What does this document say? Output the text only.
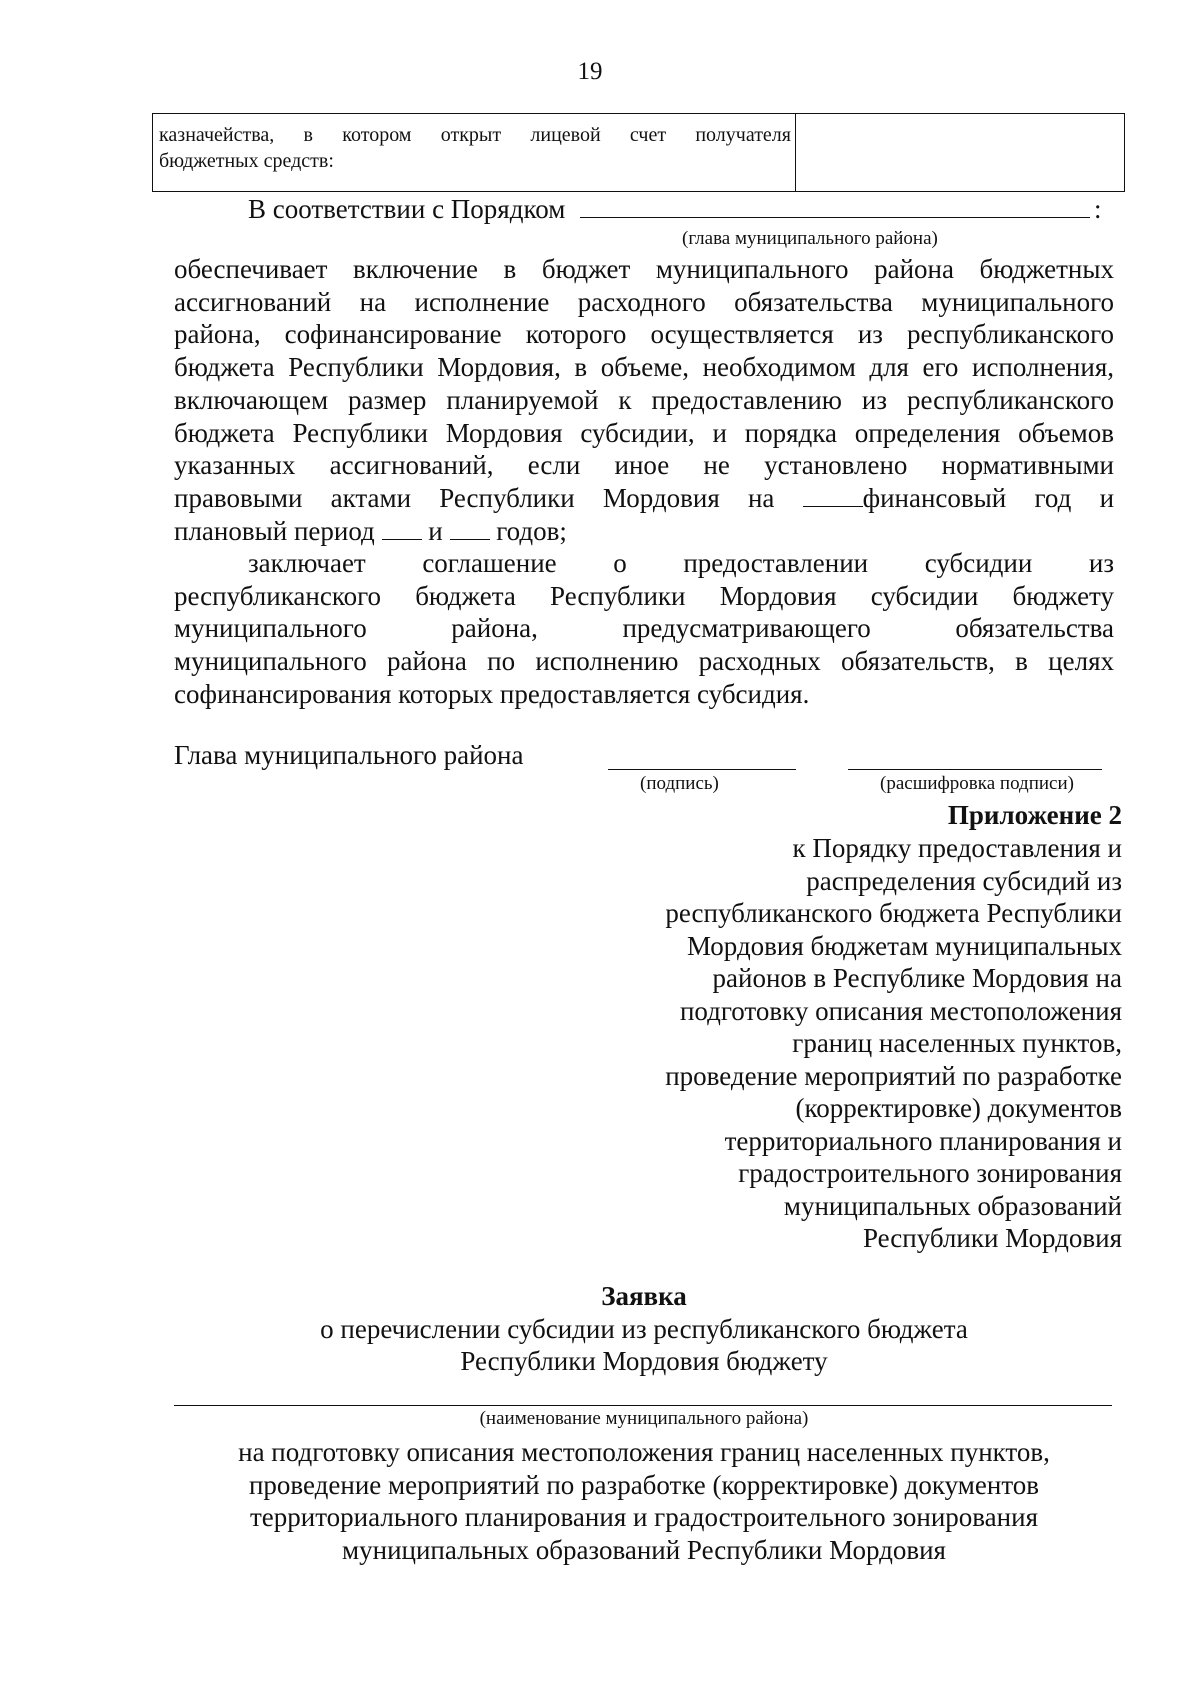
19
казначейства, в котором открыт лицевой счет получателя
бюджетных средств:

В соответствии с Порядком	:
(глава муниципального района)
обеспечивает включение в бюджет муниципального района бюджетных
ассигнований на исполнение расходного обязательства муниципального
района, софинансирование которого осуществляется из республиканского
бюджета Республики Мордовия, в объеме, необходимом для его исполнения,
включающем размер планируемой к предоставлению из республиканского
бюджета Республики Мордовия субсидии, и порядка определения объемов
указанных ассигнований, если иное не установлено нормативными
правовыми актами Республики Мордовия на	финансовый год и
плановый период и годов;
заключает соглашение о предоставлении субсидии из
республиканского бюджета Республики Мордовия субсидии бюджету
муниципального района, предусматривающего обязательства
муниципального района по исполнению расходных обязательств, в целях
софинансирования которых предоставляется субсидия.
Глава муниципального района
(подпись)	(расшифровка подписи)
Приложение 2
к Порядку предоставления и
распределения субсидий из
республиканского бюджета Республики
Мордовия бюджетам муниципальных
районов в Республике Мордовия на
подготовку описания местоположения
границ населенных пунктов,
проведение мероприятий по разработке
(корректировке) документов
территориального планирования и
градостроительного зонирования
муниципальных образований
Республики Мордовия
Заявка
о перечислении субсидии из республиканского бюджета
Республики Мордовия бюджету
(наименование муниципального района)
на подготовку описания местоположения границ населенных пунктов,
проведение мероприятий по разработке (корректировке) документов
территориального планирования и градостроительного зонирования
муниципальных образований Республики Мордовия
